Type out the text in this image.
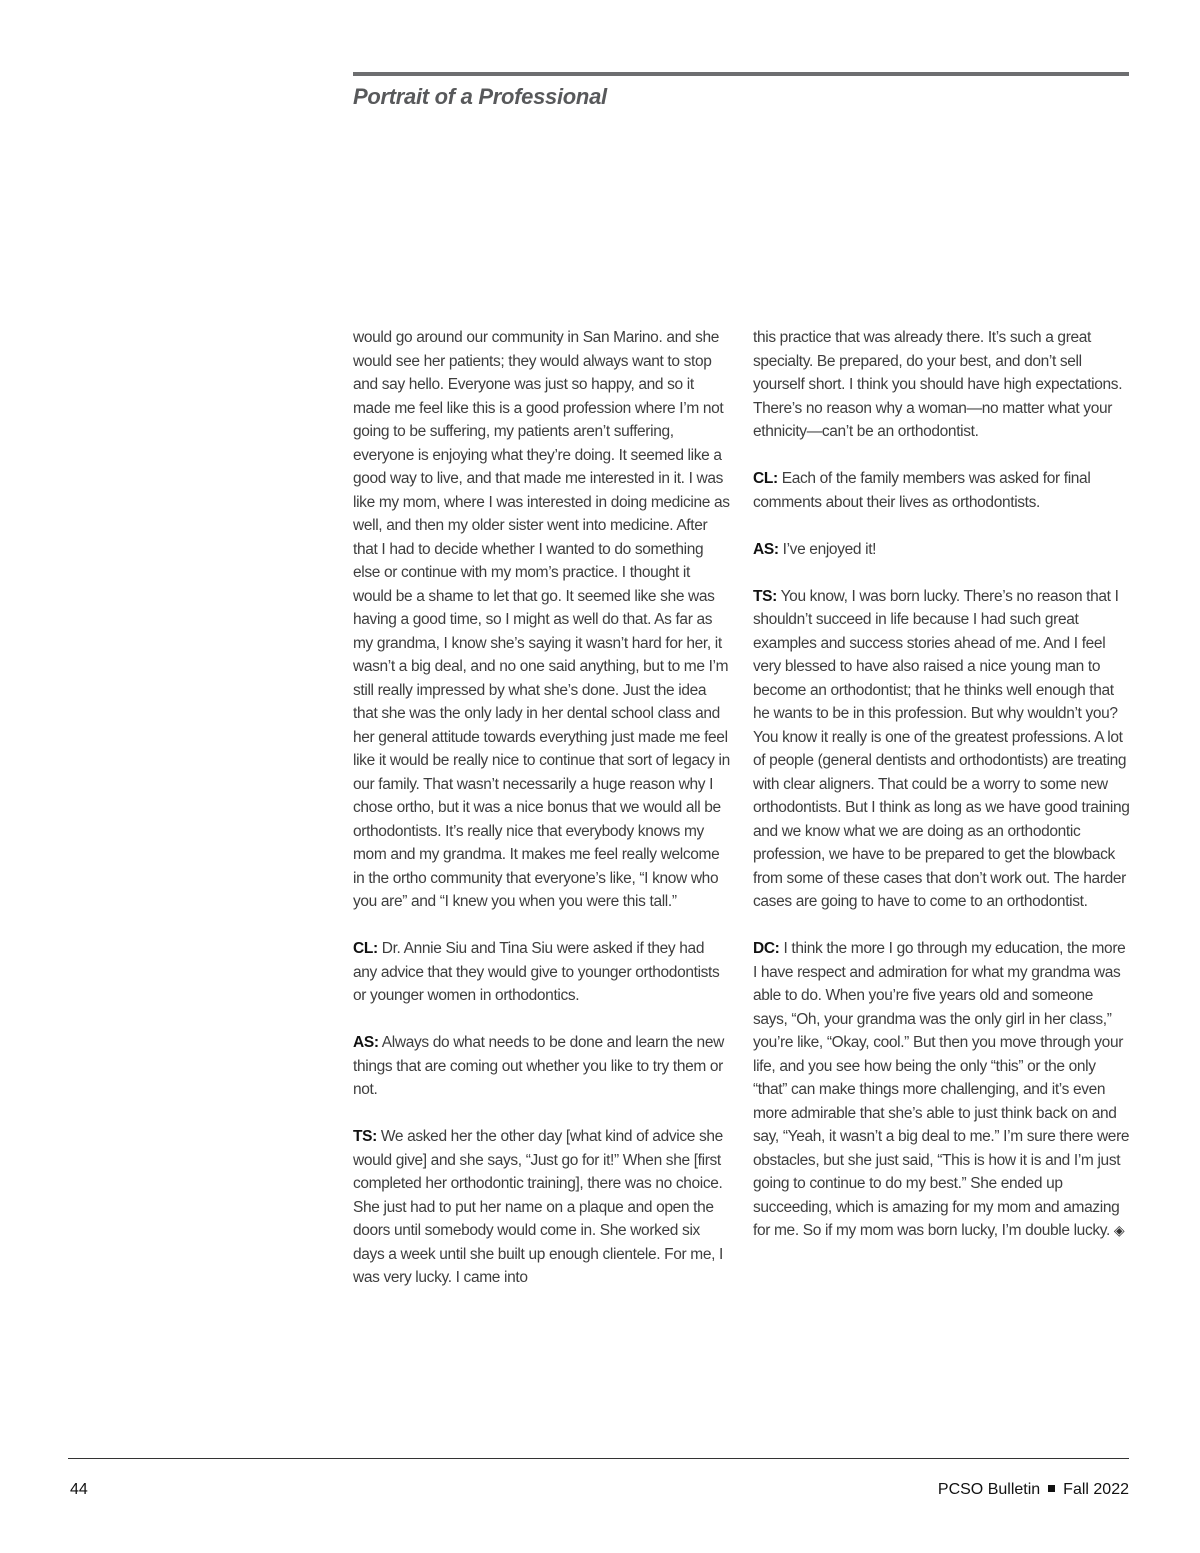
Portrait of a Professional

would go around our community in San Marino. and she would see her patients; they would always want to stop and say hello. Everyone was just so happy, and so it made me feel like this is a good profession where I’m not going to be suffering, my patients aren’t suffering, everyone is enjoying what they’re doing. It seemed like a good way to live, and that made me interested in it. I was like my mom, where I was interested in doing medicine as well, and then my older sister went into medicine. After that I had to decide whether I wanted to do something else or continue with my mom’s practice. I thought it would be a shame to let that go. It seemed like she was having a good time, so I might as well do that. As far as my grandma, I know she’s saying it wasn’t hard for her, it wasn’t a big deal, and no one said anything, but to me I’m still really impressed by what she’s done. Just the idea that she was the only lady in her dental school class and her general attitude towards everything just made me feel like it would be really nice to continue that sort of legacy in our family. That wasn’t necessarily a huge reason why I chose ortho, but it was a nice bonus that we would all be orthodontists. It’s really nice that everybody knows my mom and my grandma. It makes me feel really welcome in the ortho community that everyone’s like, “I know who you are” and “I knew you when you were this tall.”

CL: Dr. Annie Siu and Tina Siu were asked if they had any advice that they would give to younger orthodontists or younger women in orthodontics.

AS: Always do what needs to be done and learn the new things that are coming out whether you like to try them or not.

TS: We asked her the other day [what kind of advice she would give] and she says, “Just go for it!” When she [first completed her orthodontic training], there was no choice. She just had to put her name on a plaque and open the doors until somebody would come in. She worked six days a week until she built up enough clientele. For me, I was very lucky. I came into

this practice that was already there. It’s such a great specialty. Be prepared, do your best, and don’t sell yourself short. I think you should have high expectations. There’s no reason why a woman—no matter what your ethnicity—can’t be an orthodontist.

CL: Each of the family members was asked for final comments about their lives as orthodontists.

AS: I’ve enjoyed it!

TS: You know, I was born lucky. There’s no reason that I shouldn’t succeed in life because I had such great examples and success stories ahead of me. And I feel very blessed to have also raised a nice young man to become an orthodontist; that he thinks well enough that he wants to be in this profession. But why wouldn’t you? You know it really is one of the greatest professions. A lot of people (general dentists and orthodontists) are treating with clear aligners. That could be a worry to some new orthodontists. But I think as long as we have good training and we know what we are doing as an orthodontic profession, we have to be prepared to get the blowback from some of these cases that don’t work out. The harder cases are going to have to come to an orthodontist.

DC: I think the more I go through my education, the more I have respect and admiration for what my grandma was able to do. When you’re five years old and someone says, “Oh, your grandma was the only girl in her class,” you’re like, “Okay, cool.” But then you move through your life, and you see how being the only “this” or the only “that” can make things more challenging, and it’s even more admirable that she’s able to just think back on and say, “Yeah, it wasn’t a big deal to me.” I’m sure there were obstacles, but she just said, “This is how it is and I’m just going to continue to do my best.” She ended up succeeding, which is amazing for my mom and amazing for me. So if my mom was born lucky, I’m double lucky. ◈

44	PCSO Bulletin Fall 2022
